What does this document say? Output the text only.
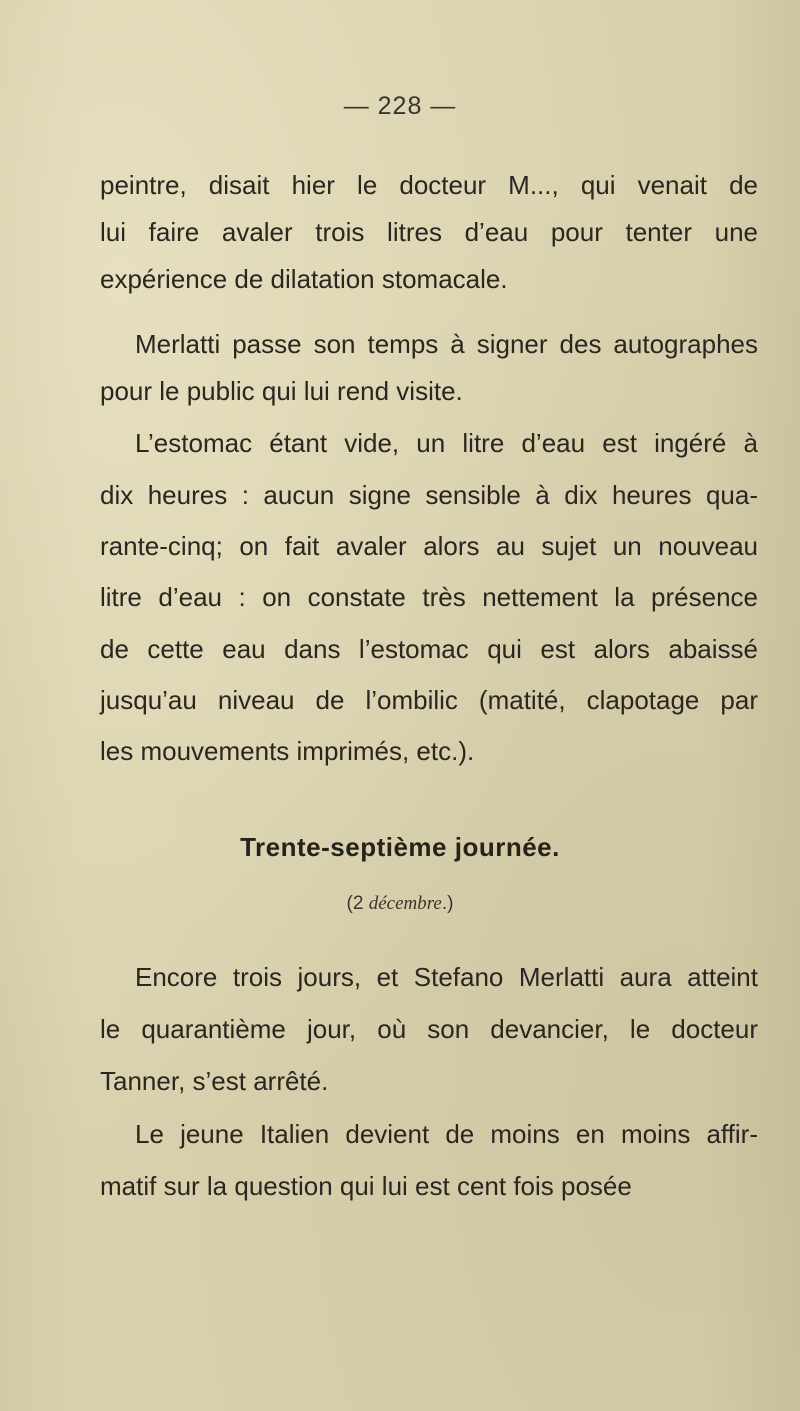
— 228 —
peintre, disait hier le docteur M..., qui venait de
lui faire avaler trois litres d’eau pour tenter une
expérience de dilatation stomacale.
Merlatti passe son temps à signer des autographes
pour le public qui lui rend visite.
L’estomac étant vide, un litre d’eau est ingéré à
dix heures : aucun signe sensible à dix heures qua-
rante-cinq; on fait avaler alors au sujet un nouveau
litre d’eau : on constate très nettement la présence
de cette eau dans l’estomac qui est alors abaissé
jusqu’au niveau de l’ombilic (matité, clapotage par
les mouvements imprimés, etc.).
Trente-septième journée.
(2 décembre.)
Encore trois jours, et Stefano Merlatti aura atteint
le quarantième jour, où son devancier, le docteur
Tanner, s’est arrêté.
Le jeune Italien devient de moins en moins affir-
matif sur la question qui lui est cent fois posée
